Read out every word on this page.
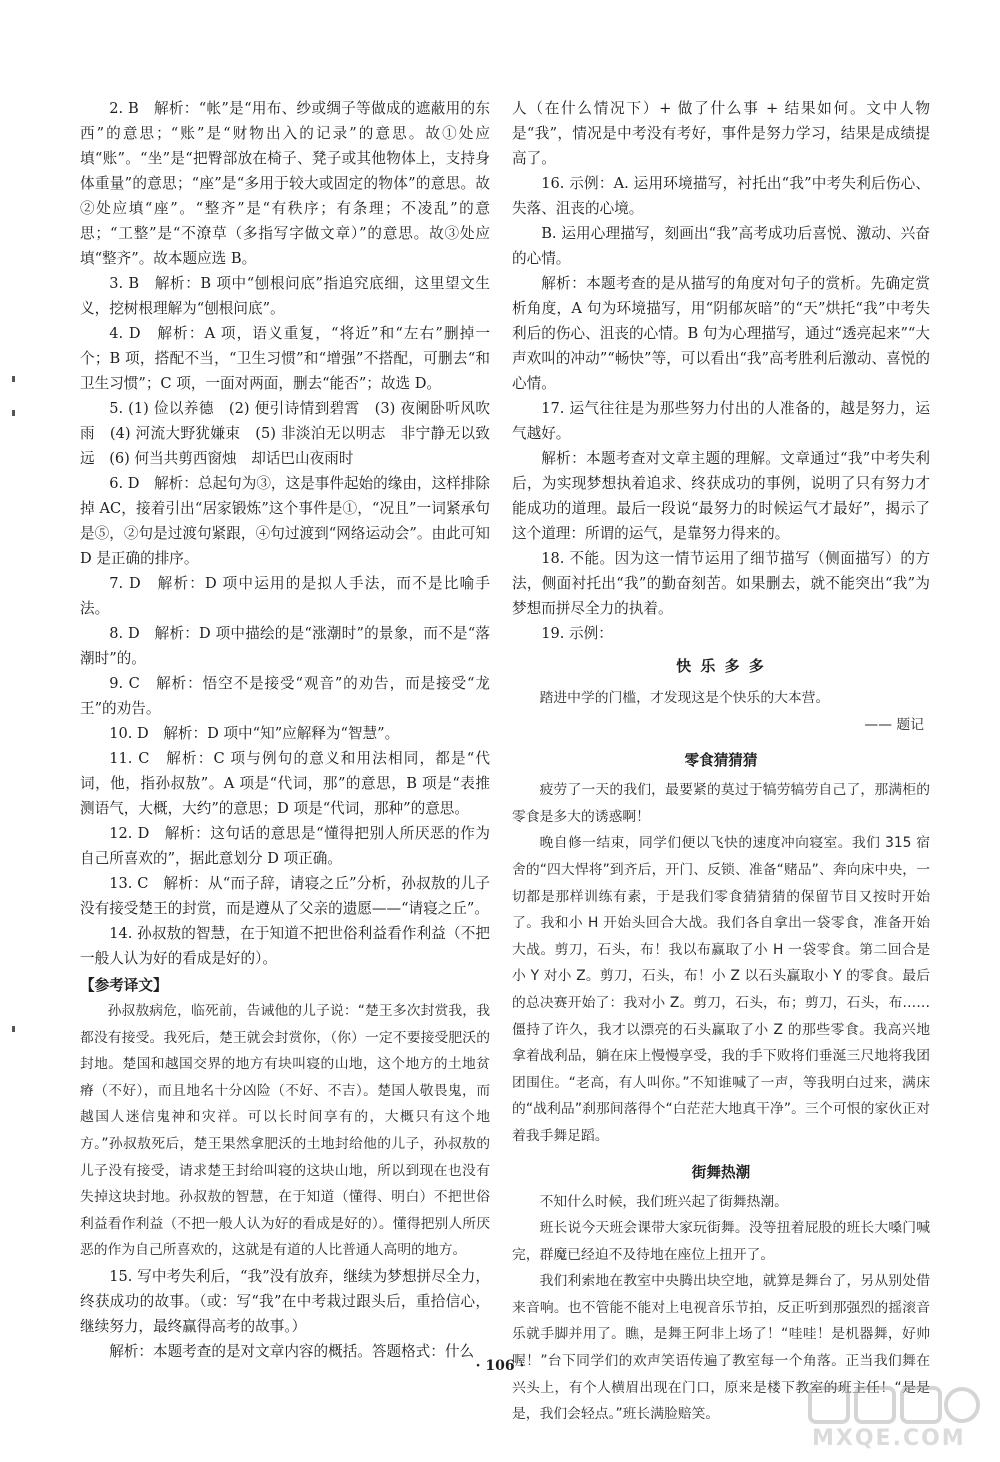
2. B　解析：“帐”是“用布、纱或绸子等做成的遮蔽用的东西”的意思；“账”是“财物出入的记录”的意思。故①处应填“账”。“坐”是“把臀部放在椅子、凳子或其他物体上，支持身体重量”的意思；“座”是“多用于较大或固定的物体”的意思。故②处应填“座”。“整齐”是“有秩序；有条理；不凌乱”的意思；“工整”是“不潦草（多指写字做文章）”的意思。故③处应填“整齐”。故本题应选 B。

3. B　解析：B 项中“刨根问底”指追究底细，这里望文生义，挖树根理解为“刨根问底”。

4. D　解析：A 项，语义重复，“将近”和“左右”删掉一个；B 项，搭配不当，“卫生习惯”和“增强”不搭配，可删去“和卫生习惯”；C 项，一面对两面，删去“能否”；故选 D。

5. (1) 俭以养德　(2) 便引诗情到碧霄　(3) 夜阑卧听风吹雨　(4) 河流大野犹嫌束　(5) 非淡泊无以明志　非宁静无以致远　(6) 何当共剪西窗烛　却话巴山夜雨时

6. D　解析：总起句为③，这是事件起始的缘由，这样排除掉 AC，接着引出“居家锻炼”这个事件是①，“况且”一词紧承句是⑤，②句是过渡句紧跟，④句过渡到“网络运动会”。由此可知 D 是正确的排序。

7. D　解析：D 项中运用的是拟人手法，而不是比喻手法。

8. D　解析：D 项中描绘的是“涨潮时”的景象，而不是“落潮时”的。

9. C　解析：悟空不是接受“观音”的劝告，而是接受“龙王”的劝告。

10. D　解析：D 项中“知”应解释为“智慧”。

11. C　解析：C 项与例句的意义和用法相同，都是“代词，他，指孙叔敖”。A 项是“代词，那”的意思，B 项是“表推测语气，大概，大约”的意思；D 项是“代词，那种”的意思。

12. D　解析：这句话的意思是“懂得把别人所厌恶的作为自己所喜欢的”，据此意划分 D 项正确。

13. C　解析：从“而子辞，请寝之丘”分析，孙叔敖的儿子没有接受楚王的封赏，而是遵从了父亲的遗愿——“请寝之丘”。

14. 孙叔敖的智慧，在于知道不把世俗利益看作利益（不把一般人认为好的看成是好的）。

【参考译文】

孙叔敖病危，临死前，告诫他的儿子说：“楚王多次封赏我，我都没有接受。我死后，楚王就会封赏你，（你）一定不要接受肥沃的封地。楚国和越国交界的地方有块叫寝的山地，这个地方的土地贫瘠（不好），而且地名十分凶险（不好、不吉）。楚国人敬畏鬼，而越国人迷信鬼神和灾祥。可以长时间享有的，大概只有这个地方。”孙叔敖死后，楚王果然拿肥沃的土地封给他的儿子，孙叔敖的儿子没有接受，请求楚王封给叫寝的这块山地，所以到现在也没有失掉这块封地。孙叔敖的智慧，在于知道（懂得、明白）不把世俗利益看作利益（不把一般人认为好的看成是好的）。懂得把别人所厌恶的作为自己所喜欢的，这就是有道的人比普通人高明的地方。

15. 写中考失利后，“我”没有放弃，继续为梦想拼尽全力，终获成功的故事。（或：写“我”在中考栽过跟头后，重拾信心，继续努力，最终赢得高考的故事。）

解析：本题考查的是对文章内容的概括。答题格式：什么

人（在什么情况下）+ 做了什么事 + 结果如何。文中人物是“我”，情况是中考没有考好，事件是努力学习，结果是成绩提高了。

16. 示例：A. 运用环境描写，衬托出“我”中考失利后伤心、失落、沮丧的心境。

B. 运用心理描写，刻画出“我”高考成功后喜悦、激动、兴奋的心情。

解析：本题考查的是从描写的角度对句子的赏析。先确定赏析角度，A 句为环境描写，用“阴郁灰暗”的“天”烘托“我”中考失利后的伤心、沮丧的心情。B 句为心理描写，通过“透亮起来”“大声欢叫的冲动”“畅快”等，可以看出“我”高考胜利后激动、喜悦的心情。

17. 运气往往是为那些努力付出的人准备的，越是努力，运气越好。

解析：本题考查对文章主题的理解。文章通过“我”中考失利后，为实现梦想执着追求、终获成功的事例，说明了只有努力才能成功的道理。最后一段说“最努力的时候运气才最好”，揭示了这个道理：所谓的运气，是靠努力得来的。

18. 不能。因为这一情节运用了细节描写（侧面描写）的方法，侧面衬托出“我”的勤奋刻苦。如果删去，就不能突出“我”为梦想而拼尽全力的执着。

19. 示例：

快 乐 多 多

踏进中学的门槛，才发现这是个快乐的大本营。

—— 题记

零食猜猜猜

疲劳了一天的我们，最要紧的莫过于犒劳犒劳自己了，那满柜的零食是多大的诱惑啊！

晚自修一结束，同学们便以飞快的速度冲向寝室。我们 315 宿舍的“四大悍将”到齐后，开门、反锁、准备“赌品”、奔向床中央，一切都是那样训练有素，于是我们零食猜猜猜的保留节目又按时开始了。我和小 H 开始头回合大战。我们各自拿出一袋零食，准备开始大战。剪刀，石头，布！我以布赢取了小 H 一袋零食。第二回合是小 Y 对小 Z。剪刀，石头，布！小 Z 以石头赢取小 Y 的零食。最后的总决赛开始了：我对小 Z。剪刀，石头，布；剪刀，石头，布……僵持了许久，我才以漂亮的石头赢取了小 Z 的那些零食。我高兴地拿着战利品，躺在床上慢慢享受，我的手下败将们垂涎三尺地将我团团围住。“老高，有人叫你。”不知谁喊了一声，等我明白过来，满床的“战利品”刹那间落得个“白茫茫大地真干净”。三个可恨的家伙正对着我手舞足蹈。

街舞热潮

不知什么时候，我们班兴起了街舞热潮。

班长说今天班会课带大家玩街舞。没等扭着屁股的班长大嗓门喊完，群魔已经迫不及待地在座位上扭开了。

我们利索地在教室中央腾出块空地，就算是舞台了，另从别处借来音响。也不管能不能对上电视音乐节拍，反正听到那强烈的摇滚音乐就手脚并用了。瞧，是舞王阿非上场了！“哇哇！是机器舞，好帅喔！”台下同学们的欢声笑语传遍了教室每一个角落。正当我们舞在兴头上，有个人横眉出现在门口，原来是楼下教室的班主任！“是是是，我们会轻点。”班长满脸赔笑。

· 106 ·
MXQE.COM
